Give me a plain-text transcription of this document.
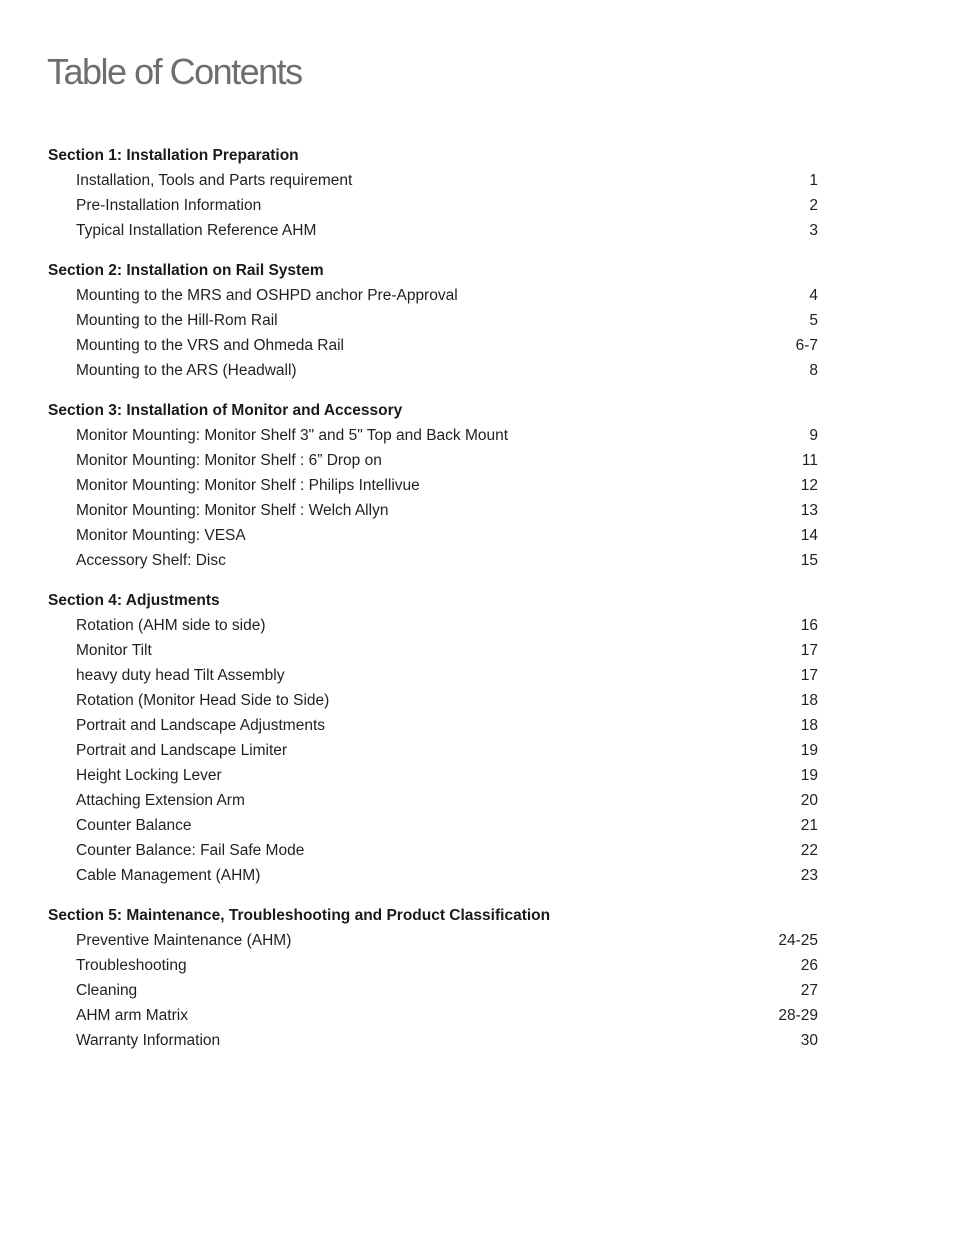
Table of Contents
Section 1: Installation Preparation
Installation, Tools and Parts requirement	1
Pre-Installation Information	2
Typical Installation Reference AHM	3
Section 2: Installation on Rail System
Mounting to the MRS and OSHPD anchor Pre-Approval	4
Mounting to the Hill-Rom Rail	5
Mounting to the VRS and Ohmeda Rail	6-7
Mounting to the ARS (Headwall)	8
Section 3: Installation of Monitor and Accessory
Monitor Mounting: Monitor Shelf 3" and 5" Top and Back Mount	9
Monitor Mounting: Monitor Shelf : 6” Drop on	11
Monitor Mounting: Monitor Shelf : Philips Intellivue	12
Monitor Mounting: Monitor Shelf : Welch Allyn	13
Monitor Mounting: VESA	14
Accessory Shelf: Disc	15
Section 4: Adjustments
Rotation (AHM side to side)	16
Monitor Tilt	17
heavy duty head Tilt Assembly	17
Rotation (Monitor Head Side to Side)	18
Portrait and Landscape Adjustments	18
Portrait and Landscape Limiter	19
Height Locking Lever	19
Attaching Extension Arm	20
Counter Balance	21
Counter Balance: Fail Safe Mode	22
Cable Management (AHM)	23
Section 5: Maintenance, Troubleshooting and Product Classification
Preventive Maintenance (AHM)	24-25
Troubleshooting	26
Cleaning	27
AHM arm Matrix	28-29
Warranty Information	30
